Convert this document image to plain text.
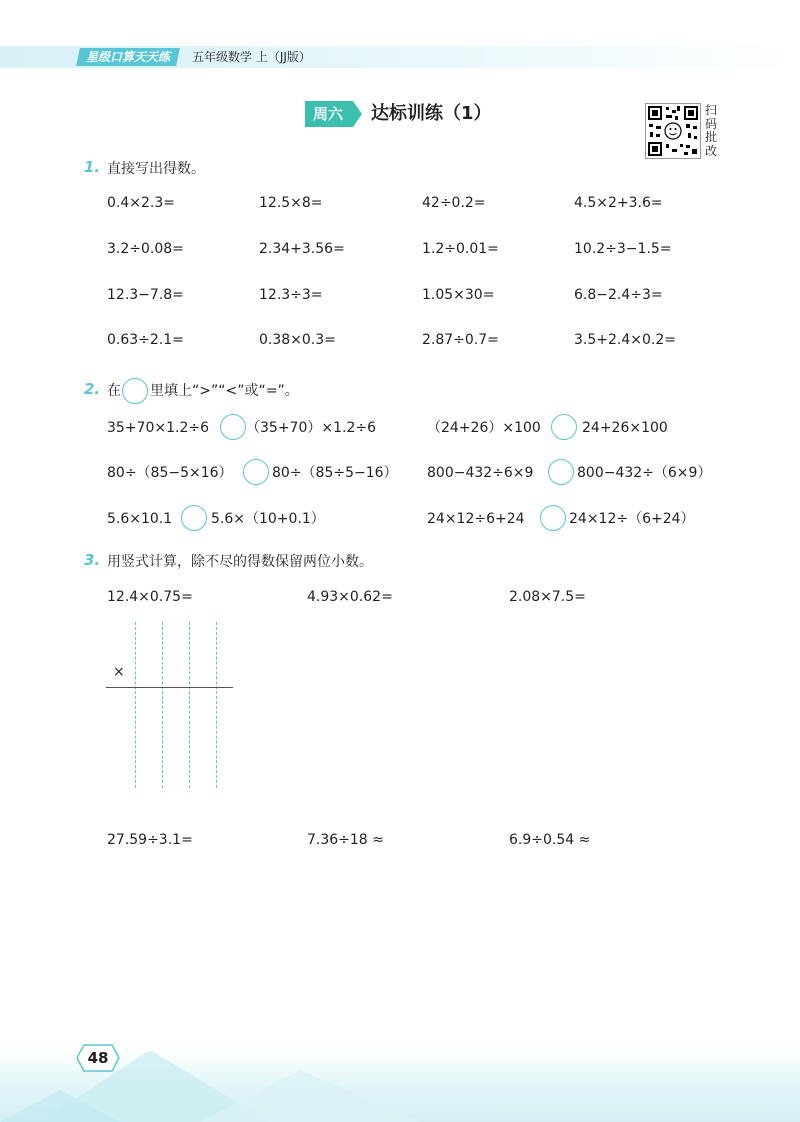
星级口算天天练	五年级数学 上（JJ版）
周六	达标训练（1）	扫
码
批
改
1. 直接写出得数。
0.4×2.3=	12.5×8=	42÷0.2=	4.5×2+3.6=
3.2÷0.08=	2.34+3.56=	1.2÷0.01=	10.2÷3−1.5=
12.3−7.8=	12.3÷3=	1.05×30=	6.8−2.4÷3=
0.63÷2.1=	0.38×0.3=	2.87÷0.7=	3.5+2.4×0.2=
2. 在 里填上“>”“<”或“=”。
35+70×1.2÷6	（35+70）×1.2÷6	（24+26）×100	24+26×100
80÷（85−5×16）	80÷（85÷5−16） 800−432÷6×9	800−432÷（6×9）
5.6×10.1	5.6×（10+0.1）	24×12÷6+24	24×12÷（6+24）
3. 用竖式计算，除不尽的得数保留两位小数。
12.4×0.75=	4.93×0.62=	2.08×7.5=
×
27.59÷3.1=	7.36÷18 ≈	6.9÷0.54 ≈
48
